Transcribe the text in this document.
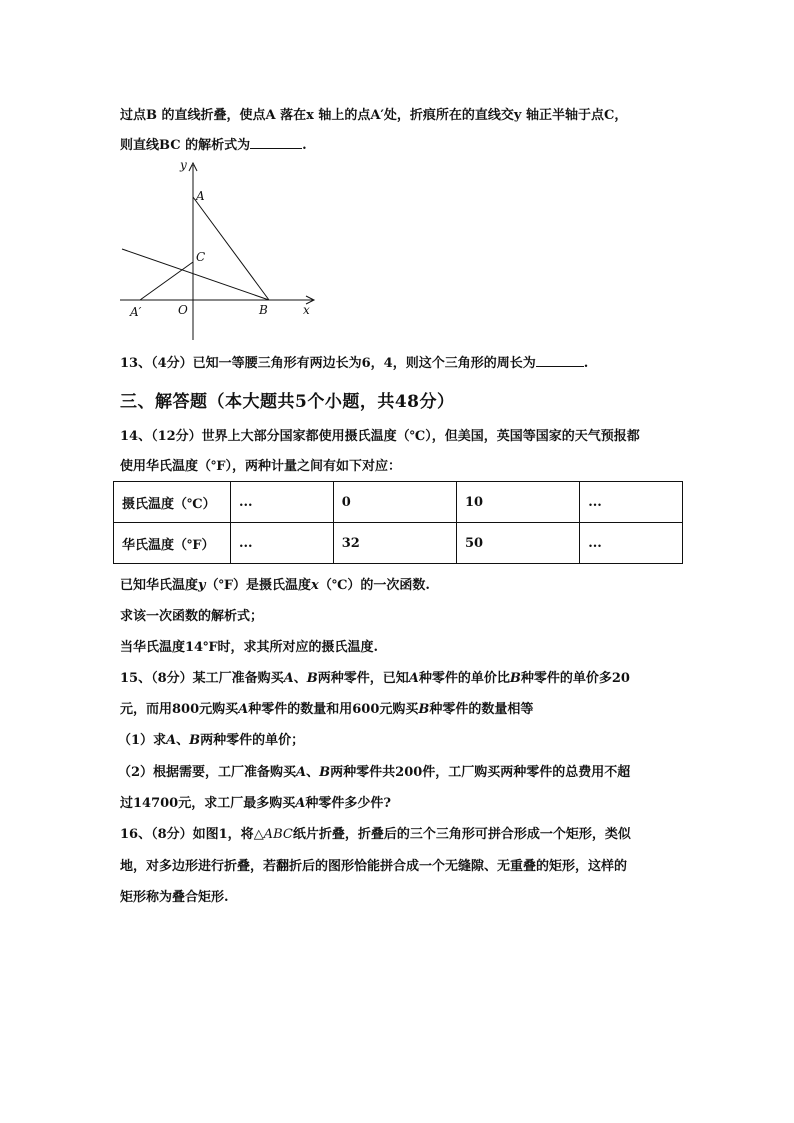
过点B 的直线折叠，使点A 落在x 轴上的点A′处，折痕所在的直线交y 轴正半轴于点C，
则直线BC 的解析式为	.
y
A
C
A′	O	B	x
13、（4分）已知一等腰三角形有两边长为6，4，则这个三角形的周长为	.
三、解答题（本大题共5个小题，共48分）
14、（12分）世界上大部分国家都使用摄氏温度（℃），但美国，英国等国家的天气预报都
使用华氏温度（℉），两种计量之间有如下对应：
摄氏温度（℃）	...	0	10	...
华氏温度（℉）	...	32	50	...
已知华氏温度y（℉）是摄氏温度x（℃）的一次函数.
求该一次函数的解析式；
当华氏温度14℉时，求其所对应的摄氏温度.
15、（8分）某工厂准备购买A、B两种零件，已知A种零件的单价比B种零件的单价多20
元，而用800元购买A种零件的数量和用600元购买B种零件的数量相等
（1）求A、B两种零件的单价；
（2）根据需要，工厂准备购买A、B两种零件共200件，工厂购买两种零件的总费用不超
过14700元，求工厂最多购买A种零件多少件?
16、（8分）如图1，将△ABC纸片折叠，折叠后的三个三角形可拼合形成一个矩形，类似
地，对多边形进行折叠，若翻折后的图形恰能拼合成一个无缝隙、无重叠的矩形，这样的
矩形称为叠合矩形.
